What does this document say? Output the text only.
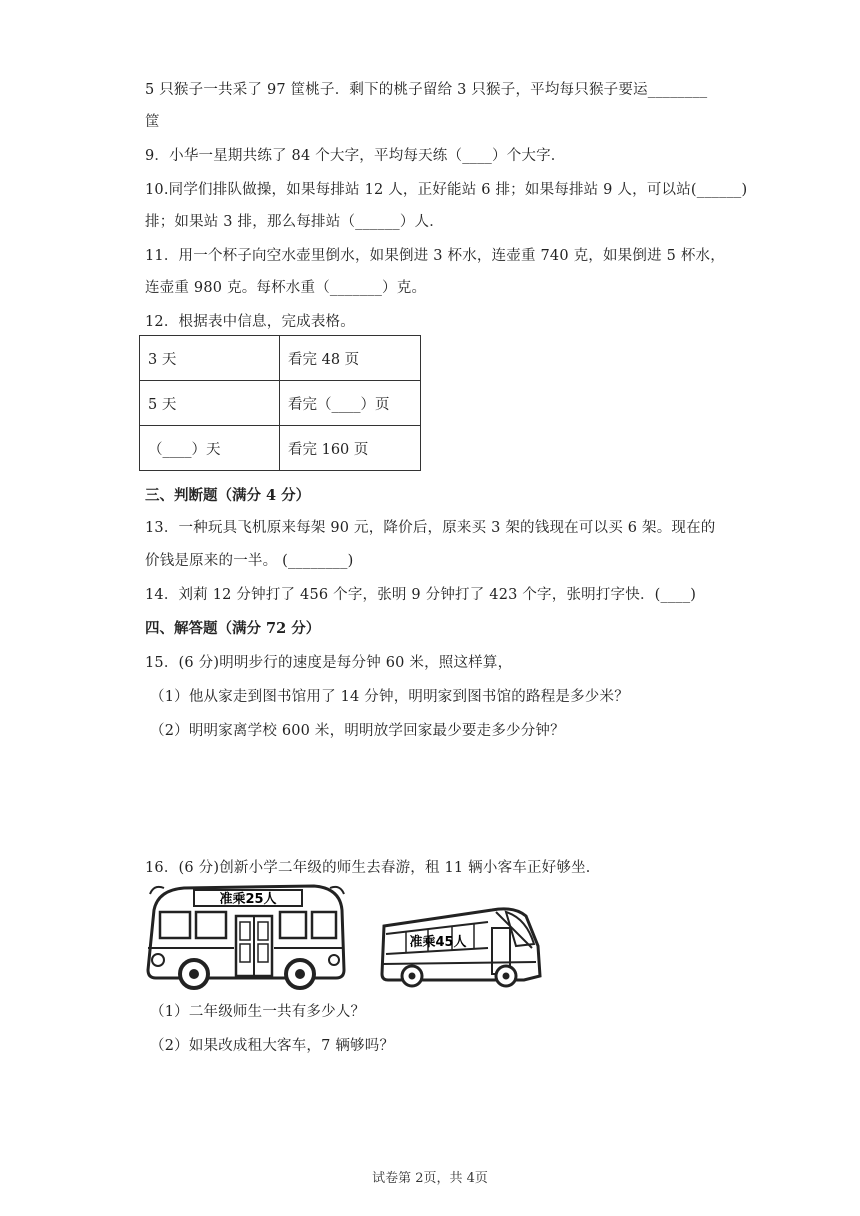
5 只猴子一共采了 97 筐桃子．剩下的桃子留给 3 只猴子，平均每只猴子要运________
筐
9．小华一星期共练了 84 个大字，平均每天练（____）个大字．
10.同学们排队做操，如果每排站 12 人，正好能站 6 排；如果每排站 9 人，可以站(______)
排；如果站 3 排，那么每排站（______）人．
11．用一个杯子向空水壶里倒水，如果倒进 3 杯水，连壶重 740 克，如果倒进 5 杯水，
连壶重 980 克。每杯水重（_______）克。
12．根据表中信息，完成表格。
3 天	看完 48 页
5 天	看完（____）页
（____）天	看完 160 页
三、判断题（满分 4 分）
13．一种玩具飞机原来每架 90 元，降价后，原来买 3 架的钱现在可以买 6 架。现在的
价钱是原来的一半。 (________)
14．刘莉 12 分钟打了 456 个字，张明 9 分钟打了 423 个字，张明打字快．(____)
四、解答题（满分 72 分）
15．(6 分)明明步行的速度是每分钟 60 米，照这样算，
（1）他从家走到图书馆用了 14 分钟，明明家到图书馆的路程是多少米？
（2）明明家离学校 600 米，明明放学回家最少要走多少分钟？
16．(6 分)创新小学二年级的师生去春游，租 11 辆小客车正好够坐．
准乘25人
准乘45人
（1）二年级师生一共有多少人？
（2）如果改成租大客车，7 辆够吗？
试卷第 2页，共 4页
